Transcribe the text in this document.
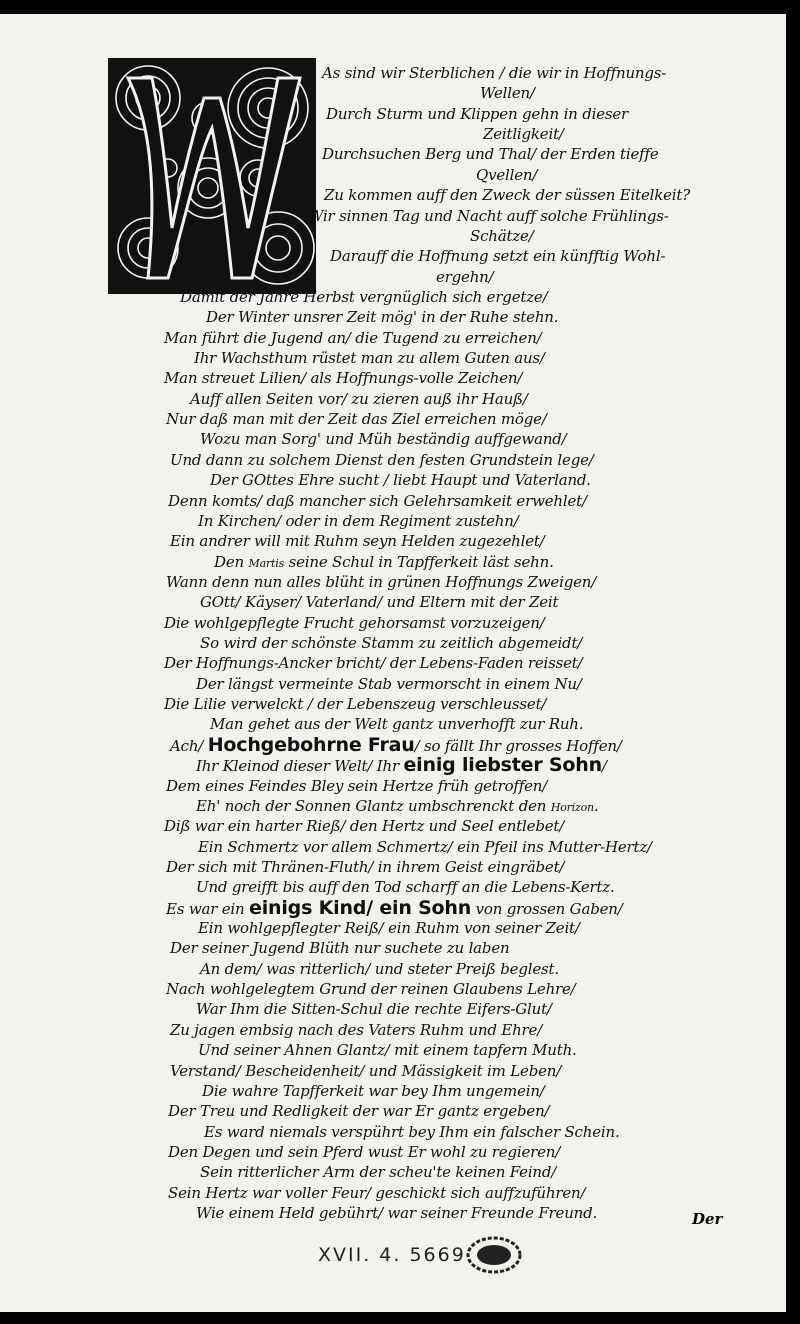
As sind wir Sterblichen / die wir in Hoffnungs-
Wellen/
Durch Sturm und Klippen gehn in dieser
Zeitligkeit/
Durchsuchen Berg und Thal/ der Erden tieffe
Qvellen/
Zu kommen auff den Zweck der süssen Eitelkeit?
Wir sinnen Tag und Nacht auff solche Frühlings-
Schätze/
Darauff die Hoffnung setzt ein künfftig Wohl-
ergehn/
Damit der Jahre Herbst vergnüglich sich ergetze/
Der Winter unsrer Zeit mög' in der Ruhe stehn.
Man führt die Jugend an/ die Tugend zu erreichen/
Ihr Wachsthum rüstet man zu allem Guten aus/
Man streuet Lilien/ als Hoffnungs-volle Zeichen/
Auff allen Seiten vor/ zu zieren auß ihr Hauß/
Nur daß man mit der Zeit das Ziel erreichen möge/
Wozu man Sorg' und Müh beständig auffgewand/
Und dann zu solchem Dienst den festen Grundstein lege/
Der GOttes Ehre sucht / liebt Haupt und Vaterland.
Denn komts/ daß mancher sich Gelehrsamkeit erwehlet/
In Kirchen/ oder in dem Regiment zustehn/
Ein andrer will mit Ruhm seyn Helden zugezehlet/
Den Martis seine Schul in Tapfferkeit läst sehn.
Wann denn nun alles blüht in grünen Hoffnungs Zweigen/
GOtt/ Käyser/ Vaterland/ und Eltern mit der Zeit
Die wohlgepflegte Frucht gehorsamst vorzuzeigen/
So wird der schönste Stamm zu zeitlich abgemeidt/
Der Hoffnungs-Ancker bricht/ der Lebens-Faden reisset/
Der längst vermeinte Stab vermorscht in einem Nu/
Die Lilie verwelckt / der Lebenszeug verschleusset/
Man gehet aus der Welt gantz unverhofft zur Ruh.
Ach/ Hochgebohrne Frau/ so fällt Ihr grosses Hoffen/
Ihr Kleinod dieser Welt/ Ihr einig liebster Sohn/
Dem eines Feindes Bley sein Hertze früh getroffen/
Eh' noch der Sonnen Glantz umbschrenckt den Horizon.
Diß war ein harter Rieß/ den Hertz und Seel entlebet/
Ein Schmertz vor allem Schmertz/ ein Pfeil ins Mutter-Hertz/
Der sich mit Thränen-Fluth/ in ihrem Geist eingräbet/
Und greifft bis auff den Tod scharff an die Lebens-Kertz.
Es war ein einigs Kind/ ein Sohn von grossen Gaben/
Ein wohlgepflegter Reiß/ ein Ruhm von seiner Zeit/
Der seiner Jugend Blüth nur suchete zu laben
An dem/ was ritterlich/ und steter Preiß beglest.
Nach wohlgelegtem Grund der reinen Glaubens Lehre/
War Ihm die Sitten-Schul die rechte Eifers-Glut/
Zu jagen embsig nach des Vaters Ruhm und Ehre/
Und seiner Ahnen Glantz/ mit einem tapfern Muth.
Verstand/ Bescheidenheit/ und Mässigkeit im Leben/
Die wahre Tapfferkeit war bey Ihm ungemein/
Der Treu und Redligkeit der war Er gantz ergeben/
Es ward niemals verspührt bey Ihm ein falscher Schein.
Den Degen und sein Pferd wust Er wohl zu regieren/
Sein ritterlicher Arm der scheu'te keinen Feind/
Sein Hertz war voller Feur/ geschickt sich auffzuführen/
Wie einem Held gebührt/ war seiner Freunde Freund.	Der
XVII. 4. 5669
